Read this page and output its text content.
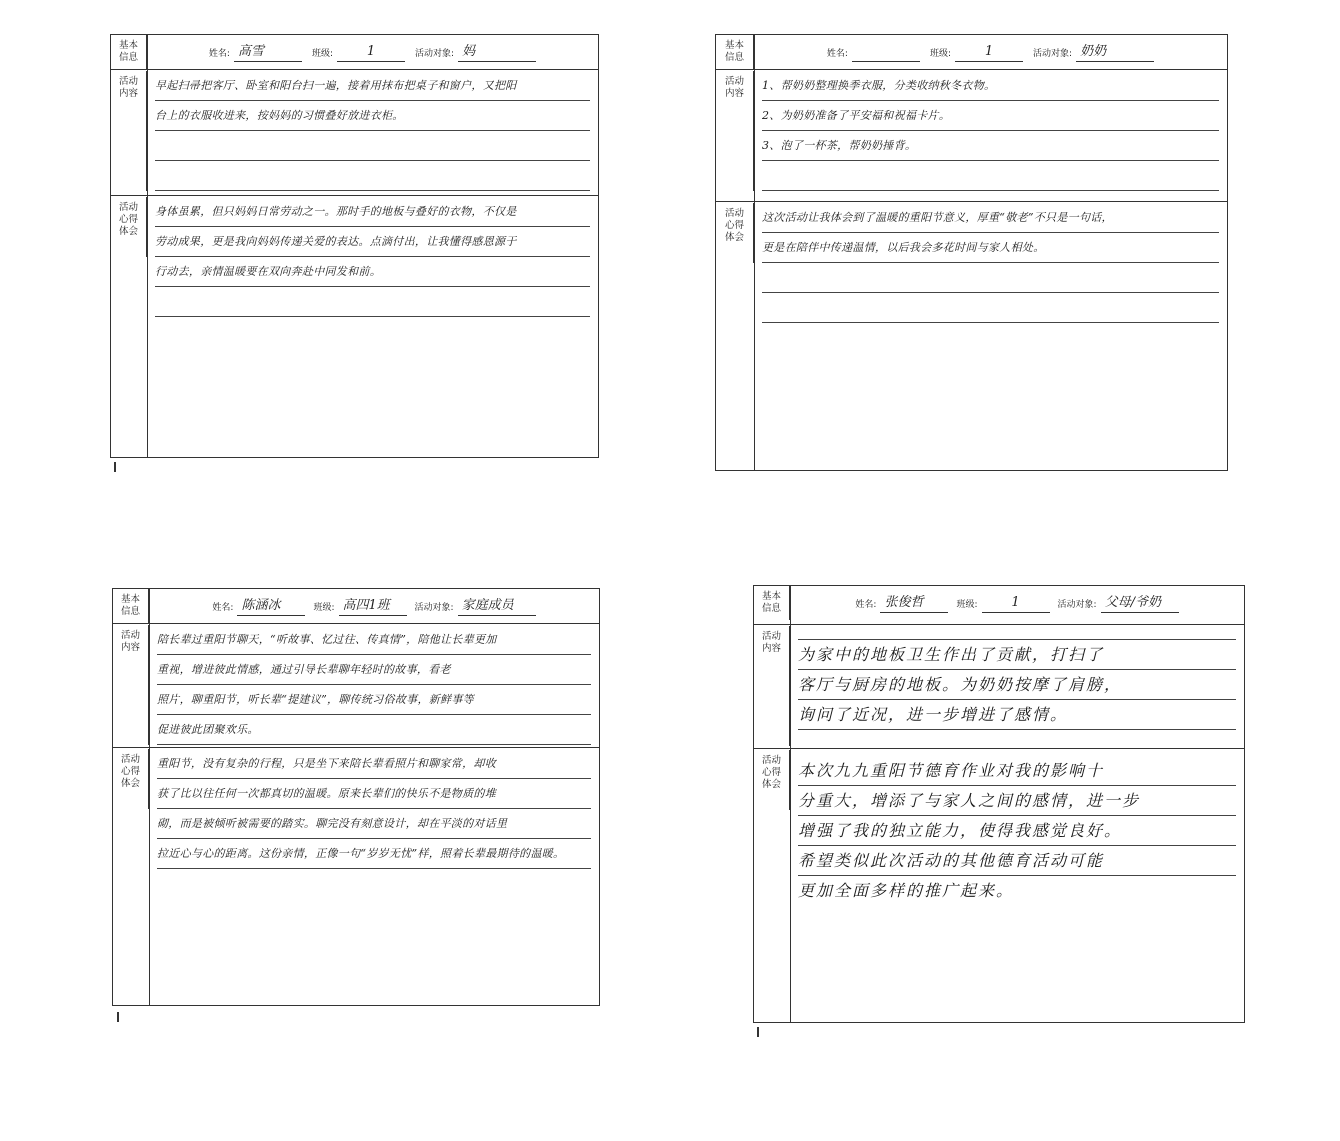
基本
信息	姓名: 高雪	班级:	1	活动对象: 妈
活动
内容
早起扫帚把客厅、卧室和阳台扫一遍，接着用抹布把桌子和窗户，又把阳
台上的衣服收进来，按妈妈的习惯叠好放进衣柜。
活动
心得
体会
身体虽累，但只妈妈日常劳动之一。那时手的地板与叠好的衣物，不仅是
劳动成果，更是我向妈妈传递关爱的表达。点滴付出，让我懂得感恩源于
行动去，亲情温暖要在双向奔赴中同发和前。
基本
信息	姓名:	班级:	1	活动对象: 奶奶
活动
内容
1、帮奶奶整理换季衣服，分类收纳秋冬衣物。
2、为奶奶准备了平安福和祝福卡片。
3、泡了一杯茶，帮奶奶捶背。
活动
心得
体会
这次活动让我体会到了温暖的重阳节意义，厚重“敬老”不只是一句话，
更是在陪伴中传递温情，以后我会多花时间与家人相处。
基本
信息	姓名: 陈涵冰	班级: 高四1班	活动对象: 家庭成员
活动
内容
陪长辈过重阳节聊天，“听故事、忆过往、传真情”，陪他让长辈更加
重视，增进彼此情感，通过引导长辈聊年轻时的故事，看老
照片，聊重阳节，听长辈“提建议”，聊传统习俗故事，新鲜事等
促进彼此团聚欢乐。
活动
心得
体会
重阳节，没有复杂的行程，只是坐下来陪长辈看照片和聊家常，却收
获了比以往任何一次都真切的温暖。原来长辈们的快乐不是物质的堆
砌，而是被倾听被需要的踏实。聊完没有刻意设计，却在平淡的对话里
拉近心与心的距离。这份亲情，正像一句“岁岁无忧”样，照着长辈最期待的温暖。
基本
信息	姓名: 张俊哲	班级:	1	活动对象: 父母/爷奶
活动
内容	为家中的地板卫生作出了贡献，打扫了
客厅与厨房的地板。为奶奶按摩了肩膀，
询问了近况，进一步增进了感情。
活动
心得
体会
本次九九重阳节德育作业对我的影响十
分重大，增添了与家人之间的感情，进一步
增强了我的独立能力，使得我感觉良好。
希望类似此次活动的其他德育活动可能
更加全面多样的推广起来。
